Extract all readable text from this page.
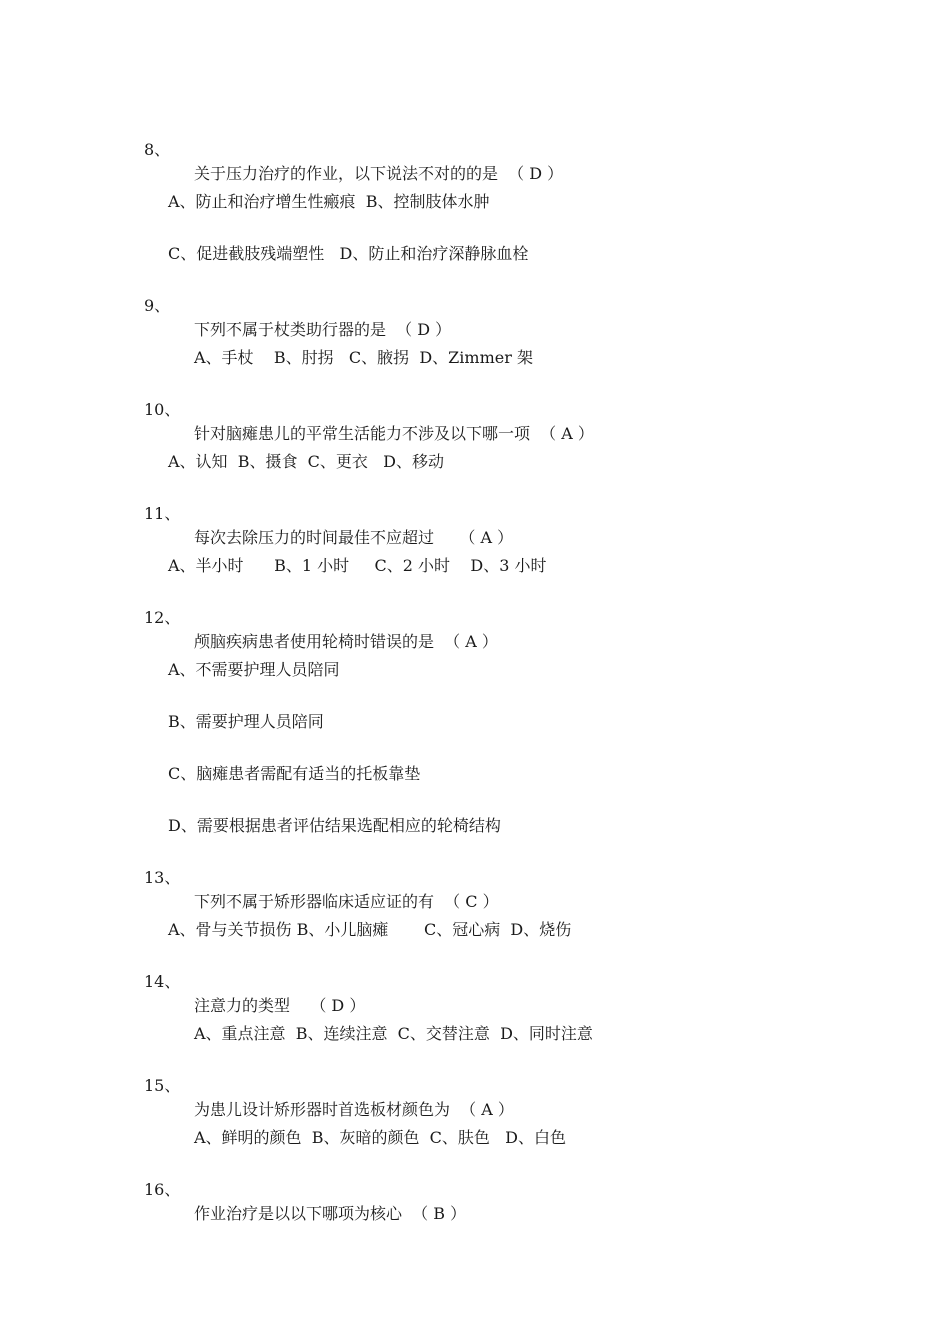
8、

关于压力治疗的作业，以下说法不对的的是  （ D ）

A、防止和治疗增生性瘢痕  B、控制肢体水肿

C、促进截肢残端塑性   D、防止和治疗深静脉血栓

9、

下列不属于杖类助行器的是  （ D ）

A、手杖    B、肘拐   C、腋拐  D、Zimmer 架

10、

针对脑瘫患儿的平常生活能力不涉及以下哪一项  （ A ）

A、认知  B、摄食  C、更衣   D、移动

11、

每次去除压力的时间最佳不应超过     （ A ）

A、半小时      B、1 小时     C、2 小时    D、3 小时

12、

颅脑疾病患者使用轮椅时错误的是  （ A ）

A、不需要护理人员陪同

B、需要护理人员陪同

C、脑瘫患者需配有适当的托板靠垫

D、需要根据患者评估结果选配相应的轮椅结构

13、

下列不属于矫形器临床适应证的有  （ C ）

A、骨与关节损伤 B、小儿脑瘫       C、冠心病  D、烧伤

14、

注意力的类型    （ D ）

A、重点注意  B、连续注意  C、交替注意  D、同时注意

15、

为患儿设计矫形器时首选板材颜色为  （ A ）

A、鲜明的颜色  B、灰暗的颜色  C、肤色   D、白色

16、

作业治疗是以以下哪项为核心  （ B ）
